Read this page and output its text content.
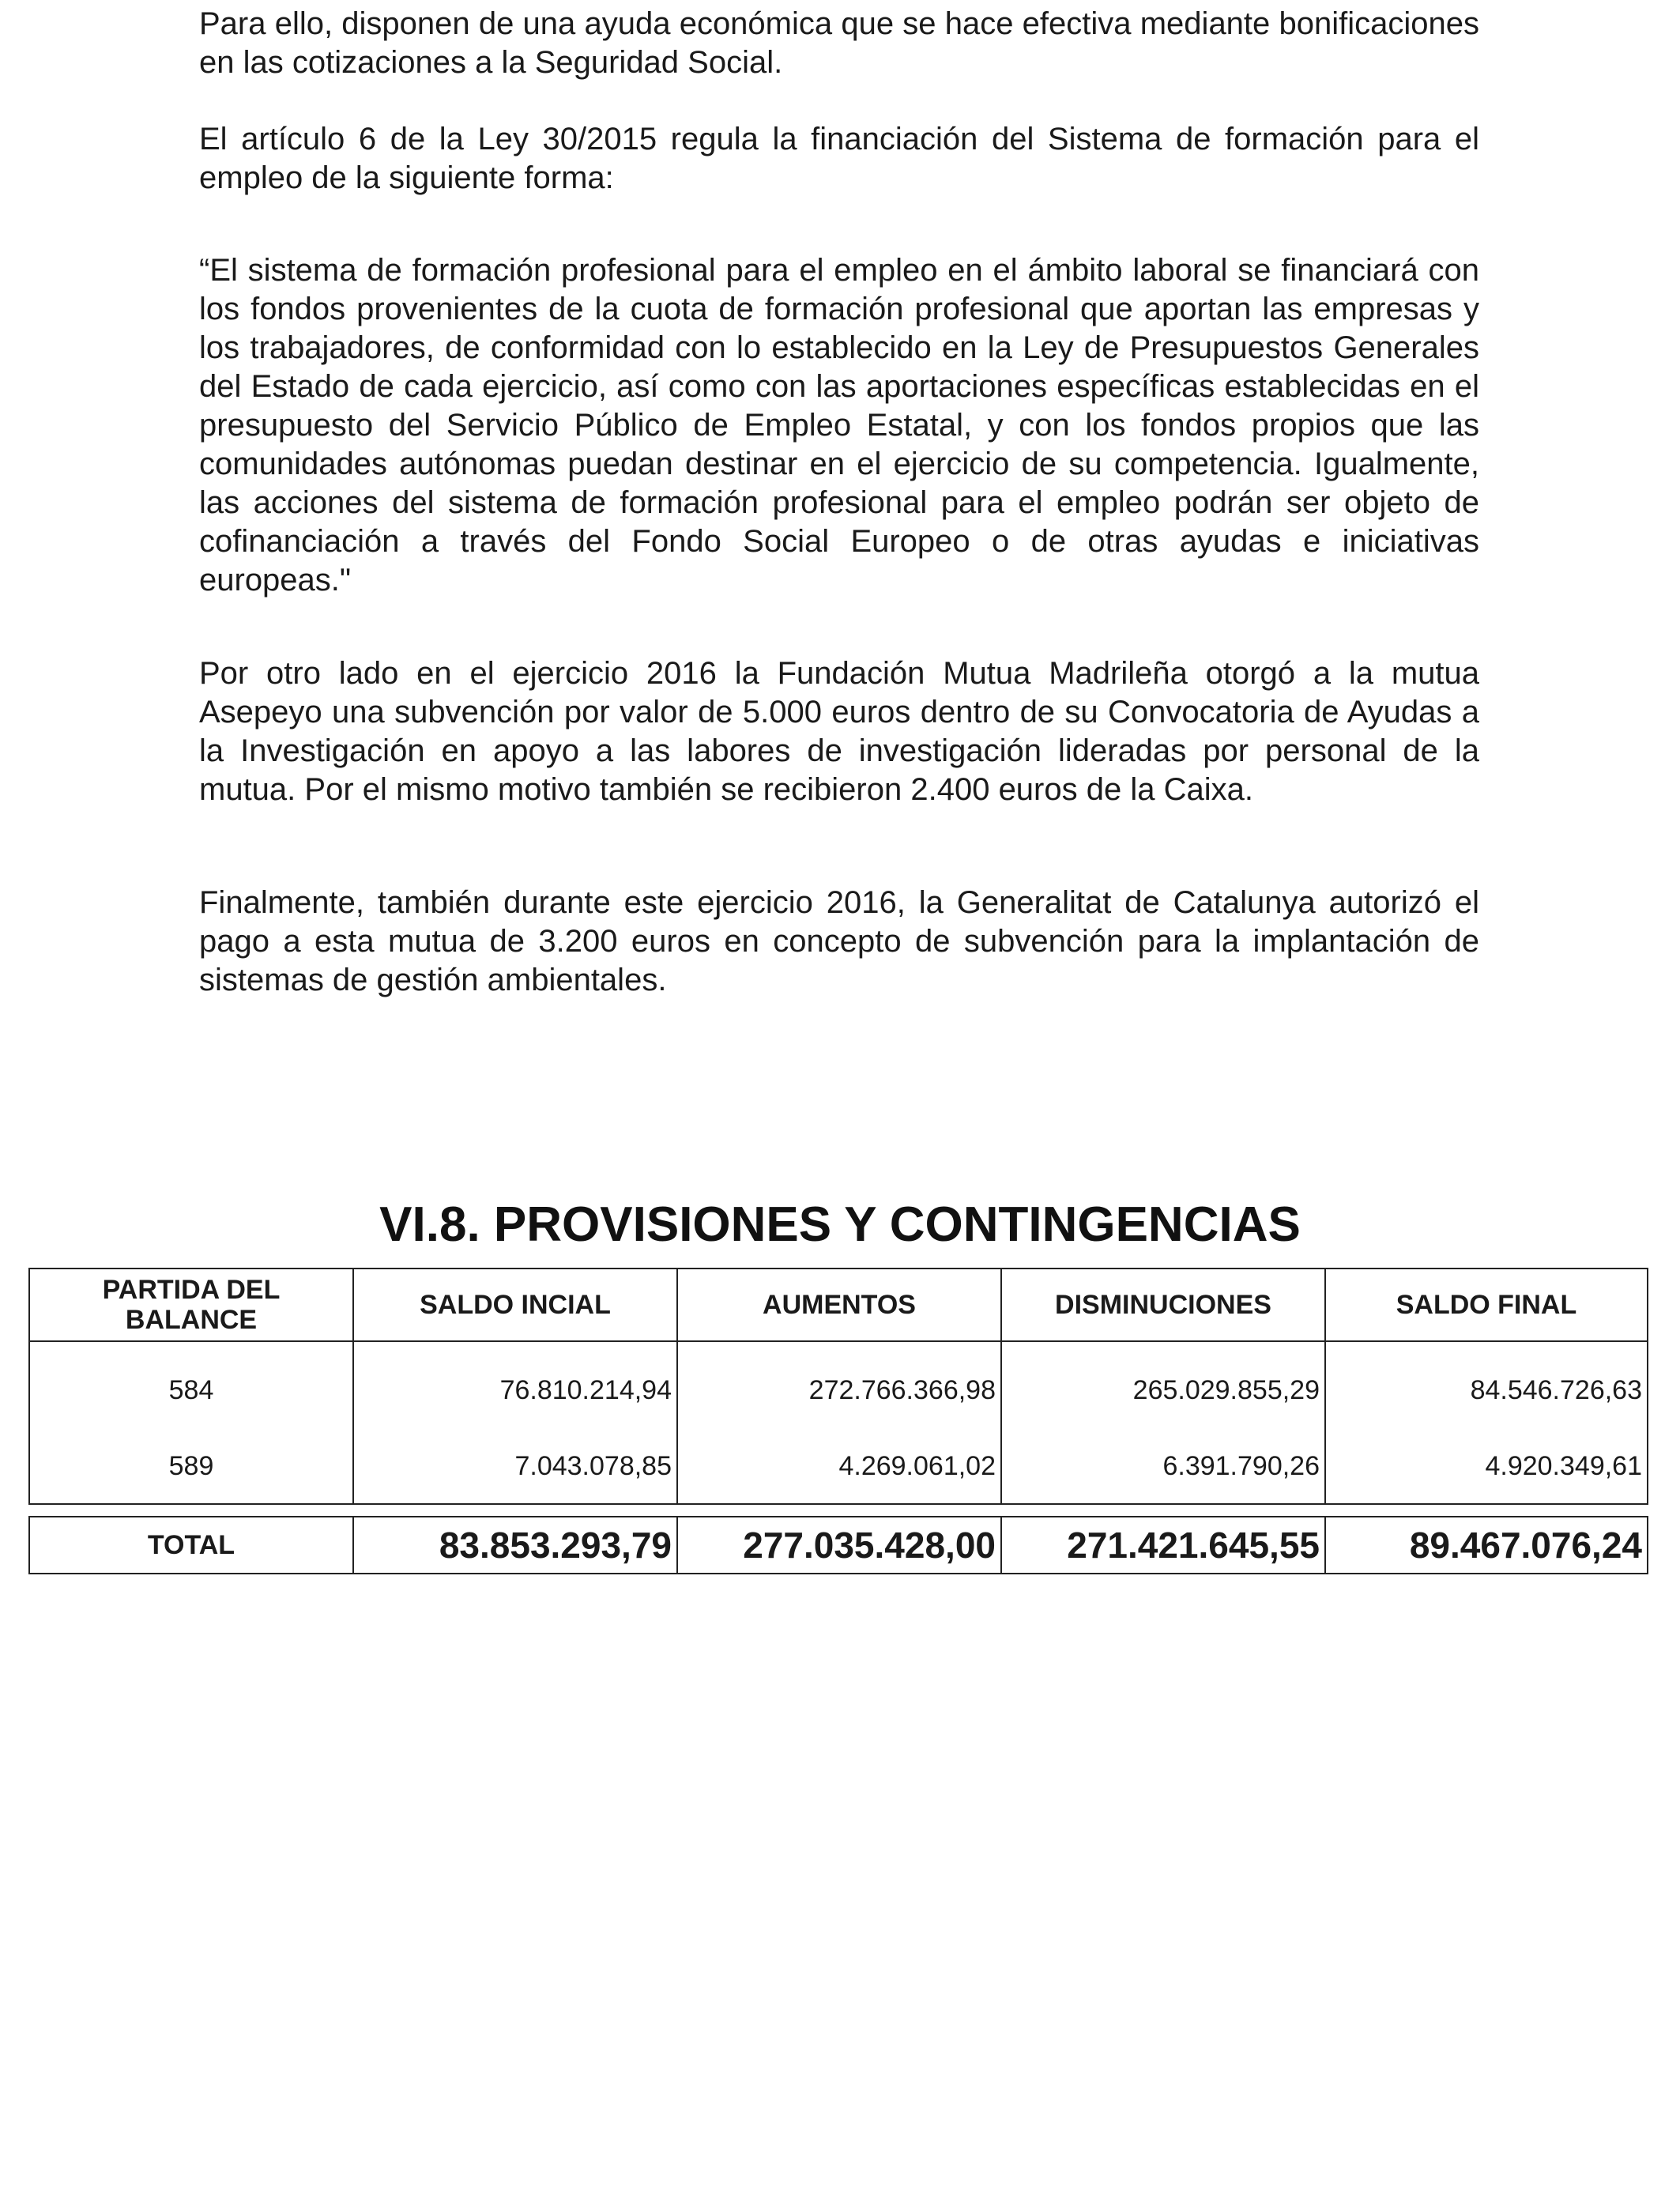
Para ello, disponen de una ayuda económica que se hace efectiva mediante bonificaciones en las cotizaciones a la Seguridad Social.

El artículo 6 de la Ley 30/2015 regula la financiación del Sistema de formación para el empleo de la siguiente forma:

“El sistema de formación profesional para el empleo en el ámbito laboral se financiará con los fondos provenientes de la cuota de formación profesional que aportan las empresas y los trabajadores, de conformidad con lo establecido en la Ley de Presupuestos Generales del Estado de cada ejercicio, así como con las aportaciones específicas establecidas en el presupuesto del Servicio Público de Empleo Estatal, y con los fondos propios que las comunidades autónomas puedan destinar en el ejercicio de su competencia. Igualmente, las acciones del sistema de formación profesional para el empleo podrán ser objeto de cofinanciación a través del Fondo Social Europeo o de otras ayudas e iniciativas europeas."

Por otro lado en el ejercicio 2016 la Fundación Mutua Madrileña otorgó a la mutua Asepeyo una subvención por valor de 5.000 euros dentro de su Convocatoria de Ayudas a la Investigación en apoyo a las labores de investigación lideradas por personal de la mutua. Por el mismo motivo también se recibieron 2.400 euros de la Caixa.

Finalmente, también durante este ejercicio 2016, la Generalitat de Catalunya autorizó el pago a esta mutua de 3.200 euros en concepto de subvención para la implantación de sistemas de gestión ambientales.

VI.8. PROVISIONES Y CONTINGENCIAS
PARTIDA DEL BALANCE	SALDO INCIAL	AUMENTOS	DISMINUCIONES	SALDO FINAL
584	76.810.214,94	272.766.366,98	265.029.855,29	84.546.726,63
589	7.043.078,85	4.269.061,02	6.391.790,26	4.920.349,61
TOTAL	83.853.293,79	277.035.428,00	271.421.645,55	89.467.076,24
